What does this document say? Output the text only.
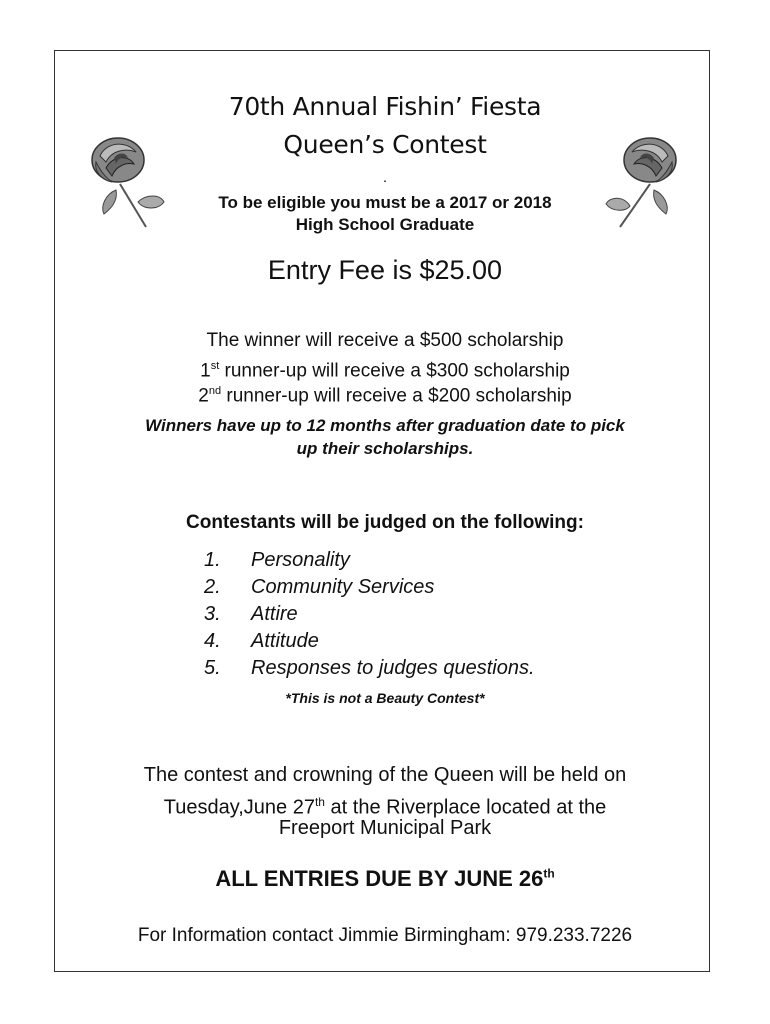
70th Annual Fishin’ Fiesta
Queen’s Contest
.
To be eligible you must be a 2017 or 2018
High School Graduate
Entry Fee is $25.00
The winner will receive a $500 scholarship
1st runner-up will receive a $300 scholarship
2nd runner-up will receive a $200 scholarship
Winners have up to 12 months after graduation date to pick
up their scholarships.
Contestants will be judged on the following:
1. Personality
2. Community Services
3. Attire
4. Attitude
5. Responses to judges questions.
*This is not a Beauty Contest*
The contest and crowning of the Queen will be held on
Tuesday,June 27th at the Riverplace located at the
Freeport Municipal Park
ALL ENTRIES DUE BY JUNE 26th
For Information contact Jimmie Birmingham: 979.233.7226
